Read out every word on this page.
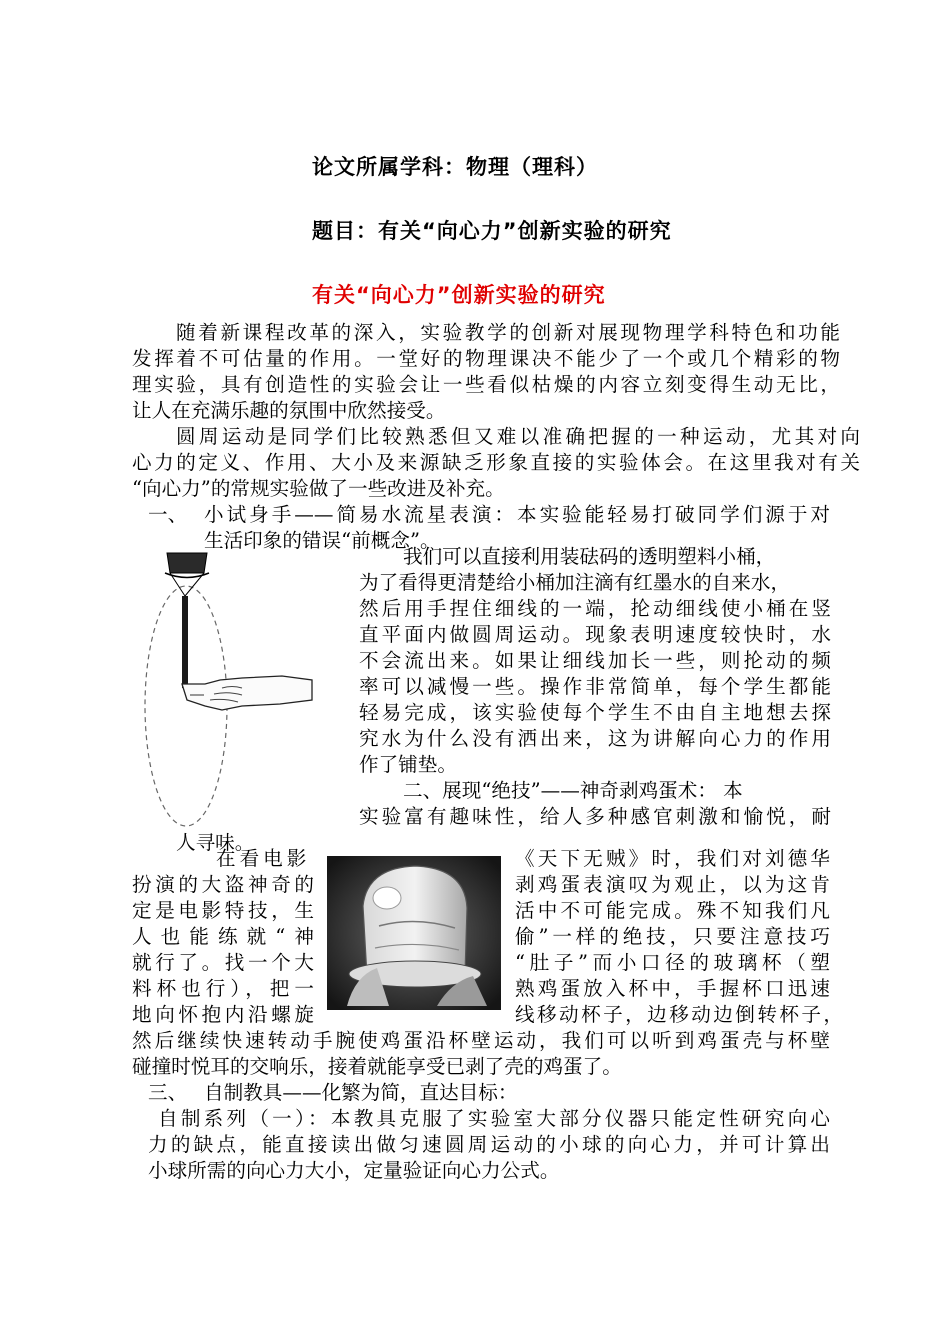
论文所属学科：物理（理科）
题目：有关“向心力”创新实验的研究
有关“向心力”创新实验的研究
随着新课程改革的深入，实验教学的创新对展现物理学科特色和功能
发挥着不可估量的作用。一堂好的物理课决不能少了一个或几个精彩的物
理实验，具有创造性的实验会让一些看似枯燥的内容立刻变得生动无比，
让人在充满乐趣的氛围中欣然接受。
圆周运动是同学们比较熟悉但又难以准确把握的一种运动，尤其对向
心力的定义、作用、大小及来源缺乏形象直接的实验体会。在这里我对有关
“向心力”的常规实验做了一些改进及补充。
一、 小试身手——简易水流星表演：本实验能轻易打破同学们源于对
生活印象的错误“前概念”。
我们可以直接利用装砝码的透明塑料小桶，
为了看得更清楚给小桶加注滴有红墨水的自来水，
然后用手捏住细线的一端，抡动细线使小桶在竖
直平面内做圆周运动。现象表明速度较快时，水
不会流出来。如果让细线加长一些，则抡动的频
率可以减慢一些。操作非常简单，每个学生都能
轻易完成，该实验使每个学生不由自主地想去探
究水为什么没有洒出来，这为讲解向心力的作用
作了铺垫。
二、展现“绝技”——神奇剥鸡蛋术： 本
实验富有趣味性，给人多种感官刺激和愉悦，耐
人寻味。
在看电影
扮演的大盗神奇的
定是电影特技，生
人也能练就“神
就行了。找一个大
料杯也行），把一
地向怀抱内沿螺旋
《天下无贼》时，我们对刘德华
剥鸡蛋表演叹为观止，以为这肯
活中不可能完成。殊不知我们凡
偷”一样的绝技，只要注意技巧
“肚子”而小口径的玻璃杯（塑
熟鸡蛋放入杯中，手握杯口迅速
线移动杯子，边移动边倒转杯子，
然后继续快速转动手腕使鸡蛋沿杯壁运动，我们可以听到鸡蛋壳与杯壁
碰撞时悦耳的交响乐，接着就能享受已剥了壳的鸡蛋了。
三、 自制教具——化繁为简，直达目标：
自制系列（一）：本教具克服了实验室大部分仪器只能定性研究向心
力的缺点，能直接读出做匀速圆周运动的小球的向心力，并可计算出
小球所需的向心力大小，定量验证向心力公式。
